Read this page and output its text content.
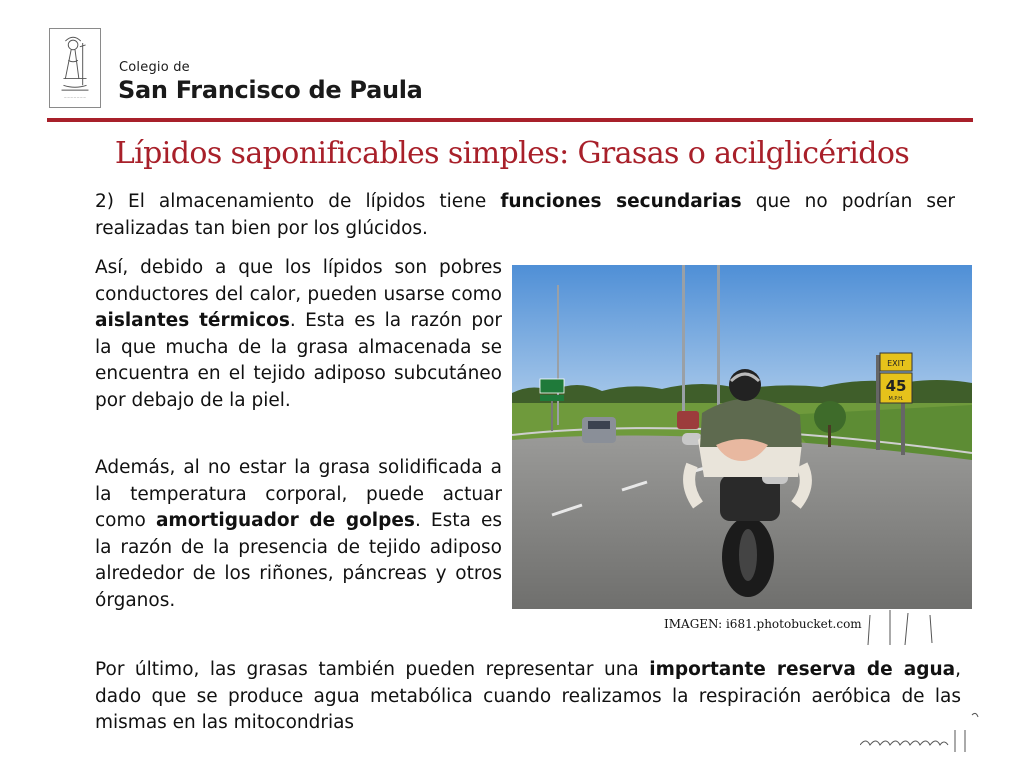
~~~~~~~
Colegio de
San Francisco de Paula
Lípidos saponificables simples: Grasas o acilglicéridos
2) El almacenamiento de lípidos tiene funciones secundarias que no podrían ser realizadas tan bien por los glúcidos.
Así, debido a que los lípidos son pobres conductores del calor, pueden usarse como aislantes térmicos. Esta es la razón por la que mucha de la grasa almacenada se encuentra en el tejido adiposo subcutáneo por debajo de la piel.
Además, al no estar la grasa solidificada a la temperatura corporal, puede actuar como amortiguador de golpes. Esta es la razón de la presencia de tejido adiposo alrededor de los riñones, páncreas y otros órganos.
Por último, las grasas también pueden representar una importante reserva de agua, dado que se produce agua metabólica cuando realizamos la respiración aeróbica de las mismas en las mitocondrias
EXIT
45
M.P.H.
IMAGEN: i681.photobucket.com
